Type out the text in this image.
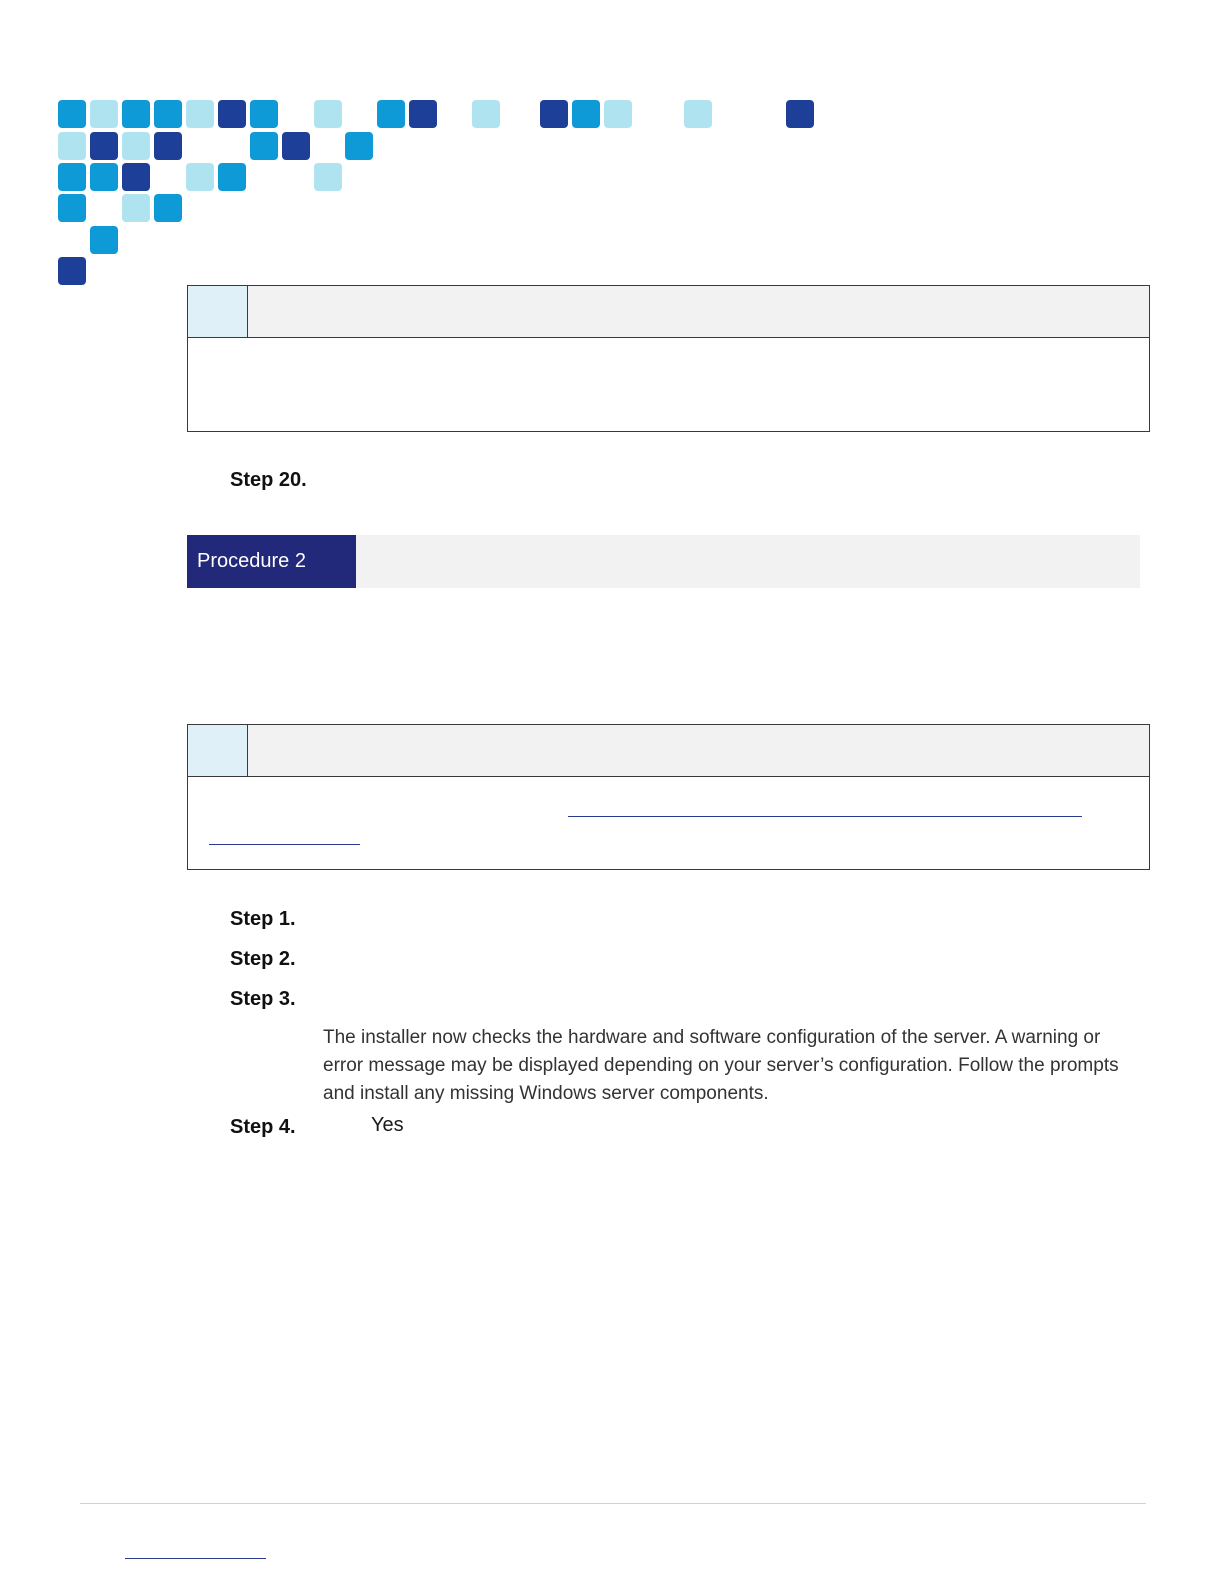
Step 20.
Procedure 2
Step 1.
Step 2.
Step 3.
The installer now checks the hardware and software configuration of the server. A warning or error message may be displayed depending on your server’s configuration. Follow the prompts and install any missing Windows server components.
Step 4.	Yes
